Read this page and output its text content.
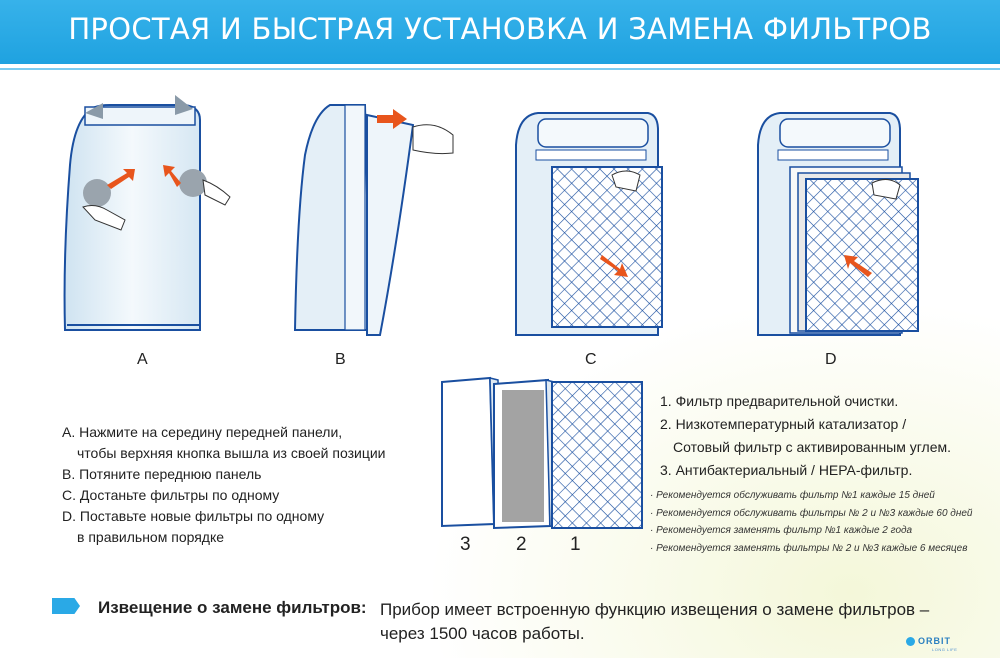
ПРОСТАЯ И БЫСТРАЯ УСТАНОВКА И ЗАМЕНА ФИЛЬТРОВ
A	B	C	D
A. Нажмите на середину передней панели,
чтобы верхняя кнопка вышла из своей позиции
B. Потяните переднюю панель
C. Достаньте фильтры по одному
D. Поставьте новые фильтры по одному
в правильном порядке	3 2 1
1. Фильтр предварительной очистки.
2. Низкотемпературный катализатор /
Сотовый фильтр с активированным углем.
3. Антибактериальный / HEPA-фильтр.
· Рекомендуется обслуживать фильтр №1 каждые 15 дней
· Рекомендуется обслуживать фильтры № 2 и №3 каждые 60 дней
· Рекомендуется заменять фильтр №1 каждые 2 года
· Рекомендуется заменять фильтры № 2 и №3 каждые 6 месяцев
Извещение о замене фильтров: Прибор имеет встроенную функцию извещения о замене фильтров –
через 1500 часов работы.	ORBIT
LONG LIFE
